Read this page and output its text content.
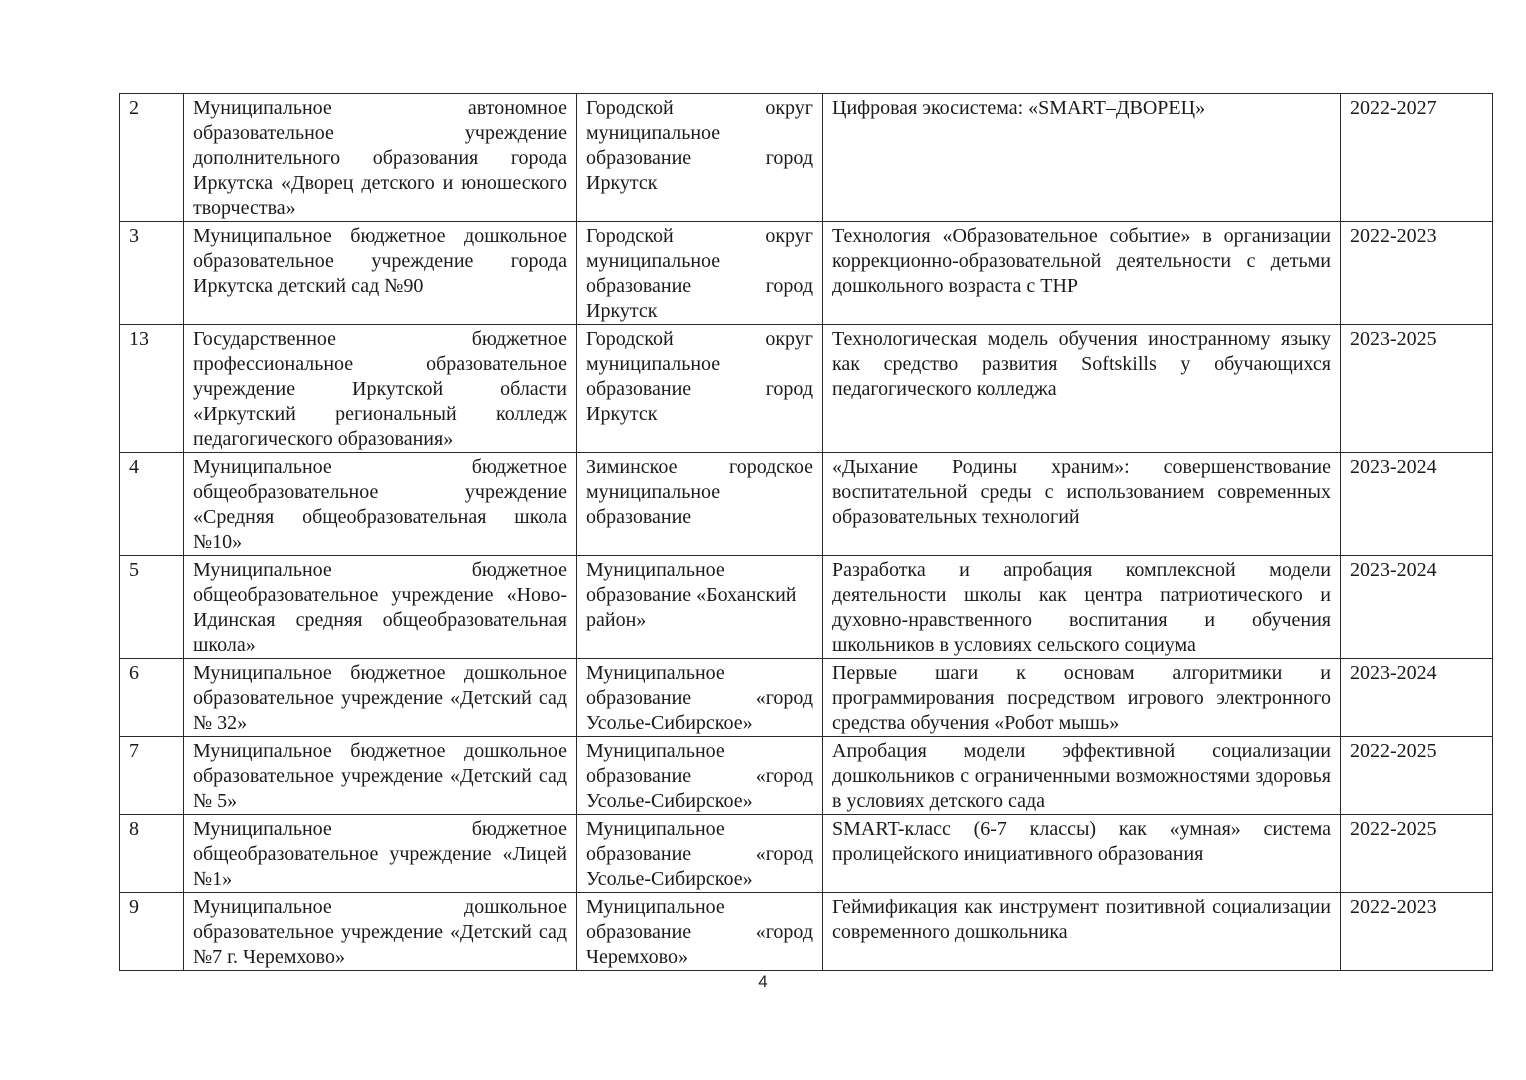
2	Муниципальное автономное образовательное учреждение дополнительного образования города Иркутска «Дворец детского и юношеского творчества»	Городской округ муниципальное образование город Иркутск	Цифровая экосистема: «SMART–ДВОРЕЦ»	2022-2027
3	Муниципальное бюджетное дошкольное образовательное учреждение города Иркутска детский сад №90	Городской округ муниципальное образование город Иркутск	Технология «Образовательное событие» в организации коррекционно-образовательной деятельности с детьми дошкольного возраста с ТНР	2022-2023
13	Государственное бюджетное профессиональное образовательное учреждение Иркутской области «Иркутский региональный колледж педагогического образования»	Городской округ муниципальное образование город Иркутск	Технологическая модель обучения иностранному языку как средство развития Softskills у обучающихся педагогического колледжа	2023-2025
4	Муниципальное бюджетное общеобразовательное учреждение «Средняя общеобразовательная школа №10»	Зиминское городское муниципальное образование	«Дыхание Родины храним»: совершенствование воспитательной среды с использованием современных образовательных технологий	2023-2024
5	Муниципальное бюджетное общеобразовательное учреждение «Ново-Идинская средняя общеобразовательная школа»	Муниципальное образование «Боханский район»	Разработка и апробация комплексной модели деятельности школы как центра патриотического и духовно-нравственного воспитания и обучения школьников в условиях сельского социума	2023-2024
6	Муниципальное бюджетное дошкольное образовательное учреждение «Детский сад № 32»	Муниципальное образование «город Усолье-Сибирское»	Первые шаги к основам алгоритмики и программирования посредством игрового электронного средства обучения «Робот мышь»	2023-2024
7	Муниципальное бюджетное дошкольное образовательное учреждение «Детский сад № 5»	Муниципальное образование «город Усолье-Сибирское»	Апробация модели эффективной социализации дошкольников с ограниченными возможностями здоровья в условиях детского сада	2022-2025
8	Муниципальное бюджетное общеобразовательное учреждение «Лицей №1»	Муниципальное образование «город Усолье-Сибирское»	SMART-класс (6-7 классы) как «умная» система пролицейского инициативного образования	2022-2025
9	Муниципальное дошкольное образовательное учреждение «Детский сад №7 г. Черемхово»	Муниципальное образование «город Черемхово»	Геймификация как инструмент позитивной социализации современного дошкольника	2022-2023
4
